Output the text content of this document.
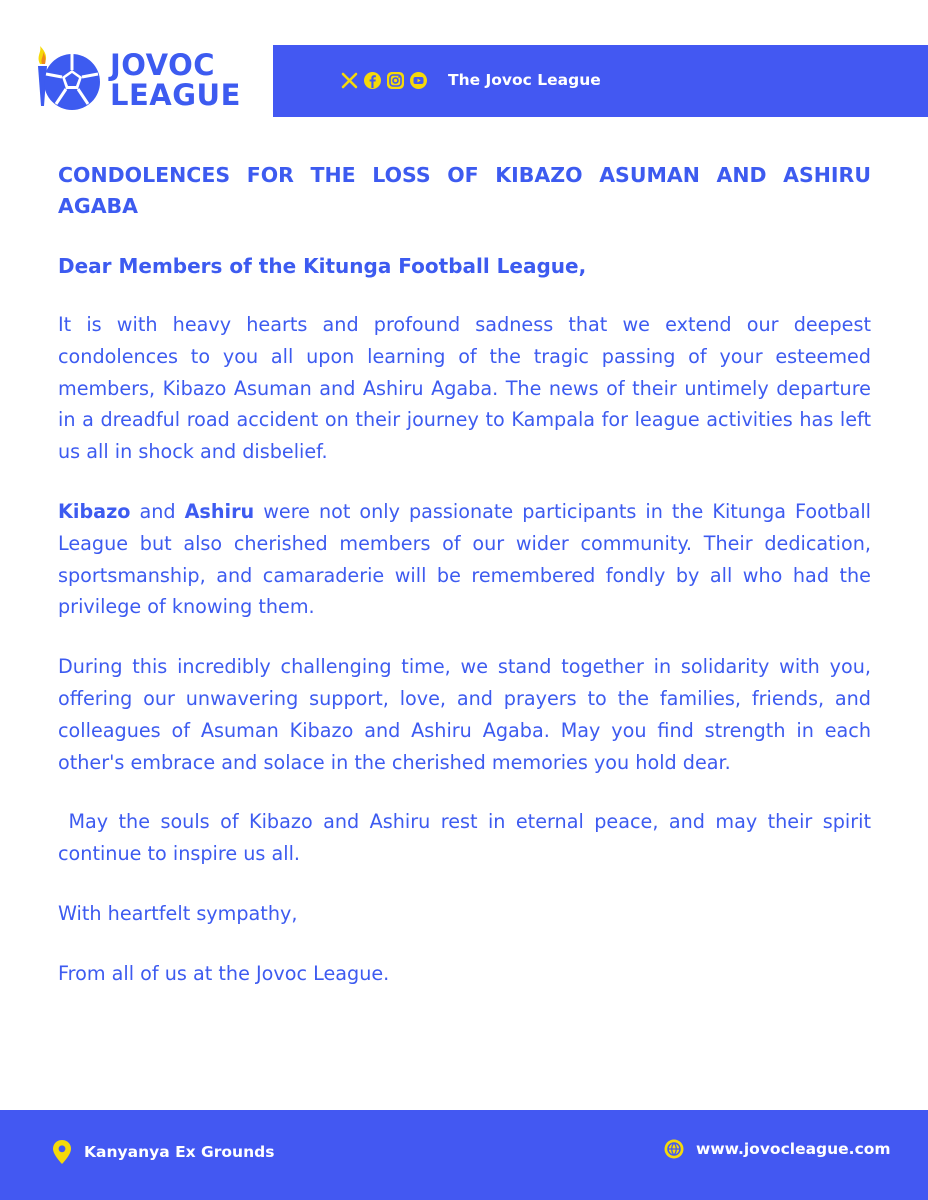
JOVOC
LEAGUE	The Jovoc League
CONDOLENCES FOR THE LOSS OF KIBAZO ASUMAN AND ASHIRU AGABA

Dear Members of the Kitunga Football League,

It is with heavy hearts and profound sadness that we extend our deepest condolences to you all upon learning of the tragic passing of your esteemed members, Kibazo Asuman and Ashiru Agaba. The news of their untimely departure in a dreadful road accident on their journey to Kampala for league activities has left us all in shock and disbelief.

Kibazo and Ashiru were not only passionate participants in the Kitunga Football League but also cherished members of our wider community. Their dedication, sportsmanship, and camaraderie will be remembered fondly by all who had the privilege of knowing them.

During this incredibly challenging time, we stand together in solidarity with you, offering our unwavering support, love, and prayers to the families, friends, and colleagues of Asuman Kibazo and Ashiru Agaba. May you find strength in each other's embrace and solace in the cherished memories you hold dear.

May the souls of Kibazo and Ashiru rest in eternal peace, and may their spirit continue to inspire us all.

With heartfelt sympathy,

From all of us at the Jovoc League.

Kanyanya Ex Grounds	www.jovocleague.com
